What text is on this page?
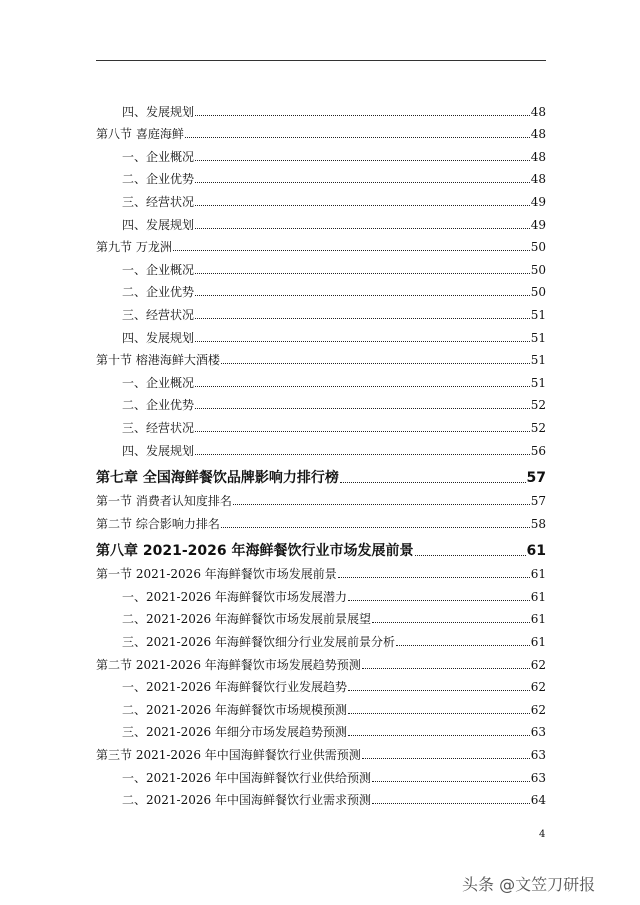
四、发展规划	48
第八节 喜庭海鲜	48
一、企业概况	48
二、企业优势	48
三、经营状况	49
四、发展规划	49
第九节 万龙洲	50
一、企业概况	50
二、企业优势	50
三、经营状况	51
四、发展规划	51
第十节 榕港海鲜大酒楼	51
一、企业概况	51
二、企业优势	52
三、经营状况	52
四、发展规划	56
第七章 全国海鲜餐饮品牌影响力排行榜	57
第一节 消费者认知度排名	57
第二节 综合影响力排名	58
第八章 2021-2026 年海鲜餐饮行业市场发展前景	61
第一节 2021-2026 年海鲜餐饮市场发展前景	61
一、2021-2026 年海鲜餐饮市场发展潜力	61
二、2021-2026 年海鲜餐饮市场发展前景展望	61
三、2021-2026 年海鲜餐饮细分行业发展前景分析	61
第二节 2021-2026 年海鲜餐饮市场发展趋势预测	62
一、2021-2026 年海鲜餐饮行业发展趋势	62
二、2021-2026 年海鲜餐饮市场规模预测	62
三、2021-2026 年细分市场发展趋势预测	63
第三节 2021-2026 年中国海鲜餐饮行业供需预测	63
一、2021-2026 年中国海鲜餐饮行业供给预测	63
二、2021-2026 年中国海鲜餐饮行业需求预测	64
4
头条 @文笠刀研报
